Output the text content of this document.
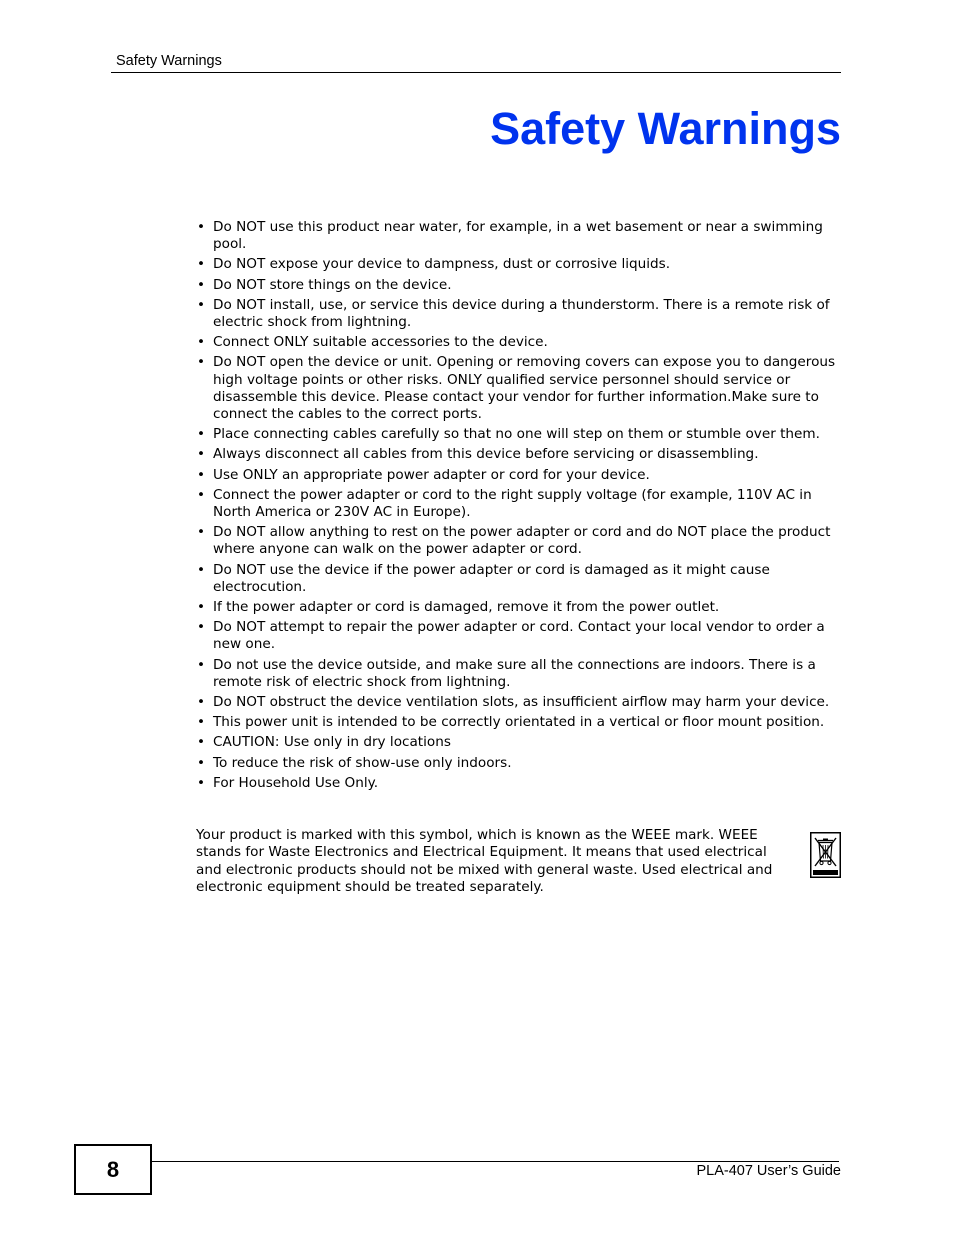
Safety Warnings
Safety Warnings
• Do NOT use this product near water, for example, in a wet basement or near a swimming pool.
• Do NOT expose your device to dampness, dust or corrosive liquids.
• Do NOT store things on the device.
• Do NOT install, use, or service this device during a thunderstorm. There is a remote risk of electric shock from lightning.
• Connect ONLY suitable accessories to the device.
• Do NOT open the device or unit. Opening or removing covers can expose you to dangerous high voltage points or other risks. ONLY qualified service personnel should service or disassemble this device. Please contact your vendor for further information.Make sure to connect the cables to the correct ports.
• Place connecting cables carefully so that no one will step on them or stumble over them.
• Always disconnect all cables from this device before servicing or disassembling.
• Use ONLY an appropriate power adapter or cord for your device.
• Connect the power adapter or cord to the right supply voltage (for example, 110V AC in North America or 230V AC in Europe).
• Do NOT allow anything to rest on the power adapter or cord and do NOT place the product where anyone can walk on the power adapter or cord.
• Do NOT use the device if the power adapter or cord is damaged as it might cause electrocution.
• If the power adapter or cord is damaged, remove it from the power outlet.
• Do NOT attempt to repair the power adapter or cord. Contact your local vendor to order a new one.
• Do not use the device outside, and make sure all the connections are indoors. There is a remote risk of electric shock from lightning.
• Do NOT obstruct the device ventilation slots, as insufficient airflow may harm your device.
• This power unit is intended to be correctly orientated in a vertical or floor mount position.
• CAUTION: Use only in dry locations
• To reduce the risk of show-use only indoors.
• For Household Use Only.

Your product is marked with this symbol, which is known as the WEEE mark. WEEE stands for Waste Electronics and Electrical Equipment. It means that used electrical and electronic products should not be mixed with general waste. Used electrical and electronic equipment should be treated separately.

8	PLA-407 User’s Guide
